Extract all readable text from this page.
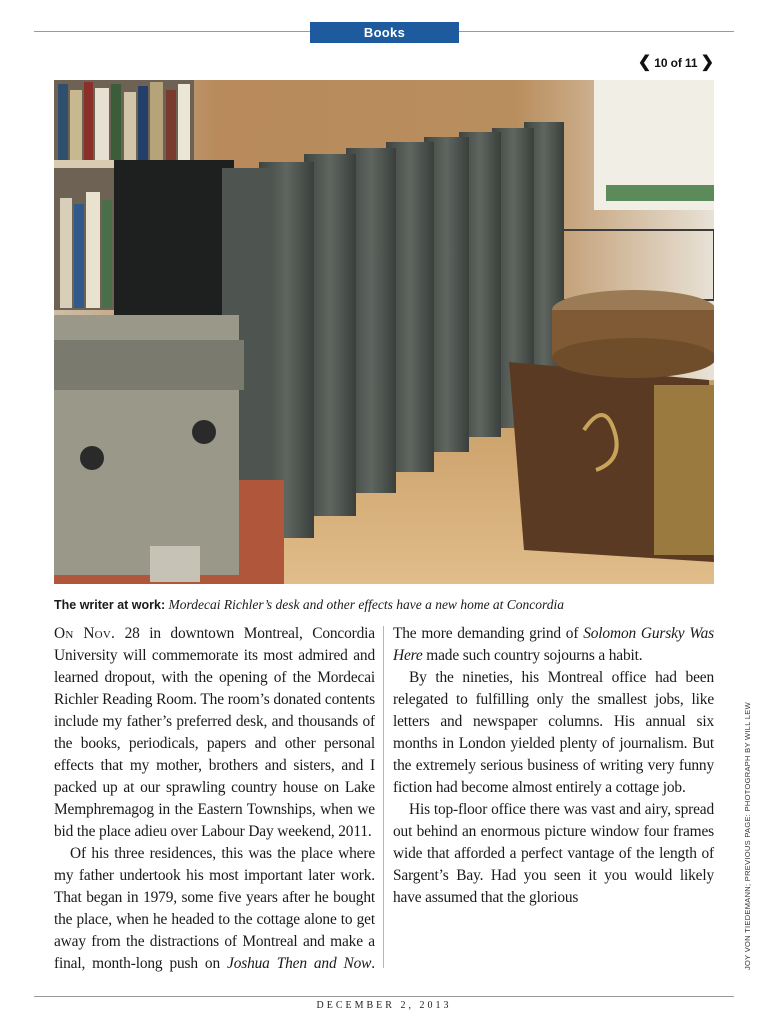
Books
❮ 10 of 11 ❯
The writer at work: Mordecai Richler’s desk and other effects have a new home at Concordia

On Nov. 28 in downtown Montreal, Concordia University will commemorate its most admired and learned dropout, with the opening of the Mordecai Richler Reading Room. The room’s donated contents include my father’s preferred desk, and thousands of the books, periodicals, papers and other personal effects that my mother, brothers and sisters, and I packed up at our sprawling country house on Lake Memphremagog in the Eastern Townships, when we bid the place adieu over Labour Day weekend, 2011.

Of his three residences, this was the place where my father undertook his most important later work. That began in 1979, some five years after he bought the place, when he headed to the cottage alone to get away from the distractions of Montreal and make a final, month-long push on Joshua Then and Now.

The more demanding grind of Solomon Gursky Was Here made such country sojourns a habit.

By the nineties, his Montreal office had been relegated to fulfilling only the smallest jobs, like letters and newspaper columns. His annual six months in London yielded plenty of journalism. But the extremely serious business of writing very funny fiction had become almost entirely a cottage job.

His top-floor office there was vast and airy, spread out behind an enormous picture window four frames wide that afforded a perfect vantage of the length of Sargent’s Bay. Had you seen it you would likely have assumed that the glorious	JOY VON TIEDEMANN; PREVIOUS PAGE: PHOTOGRAPH BY WILL LEW
DECEMBER 2, 2013
